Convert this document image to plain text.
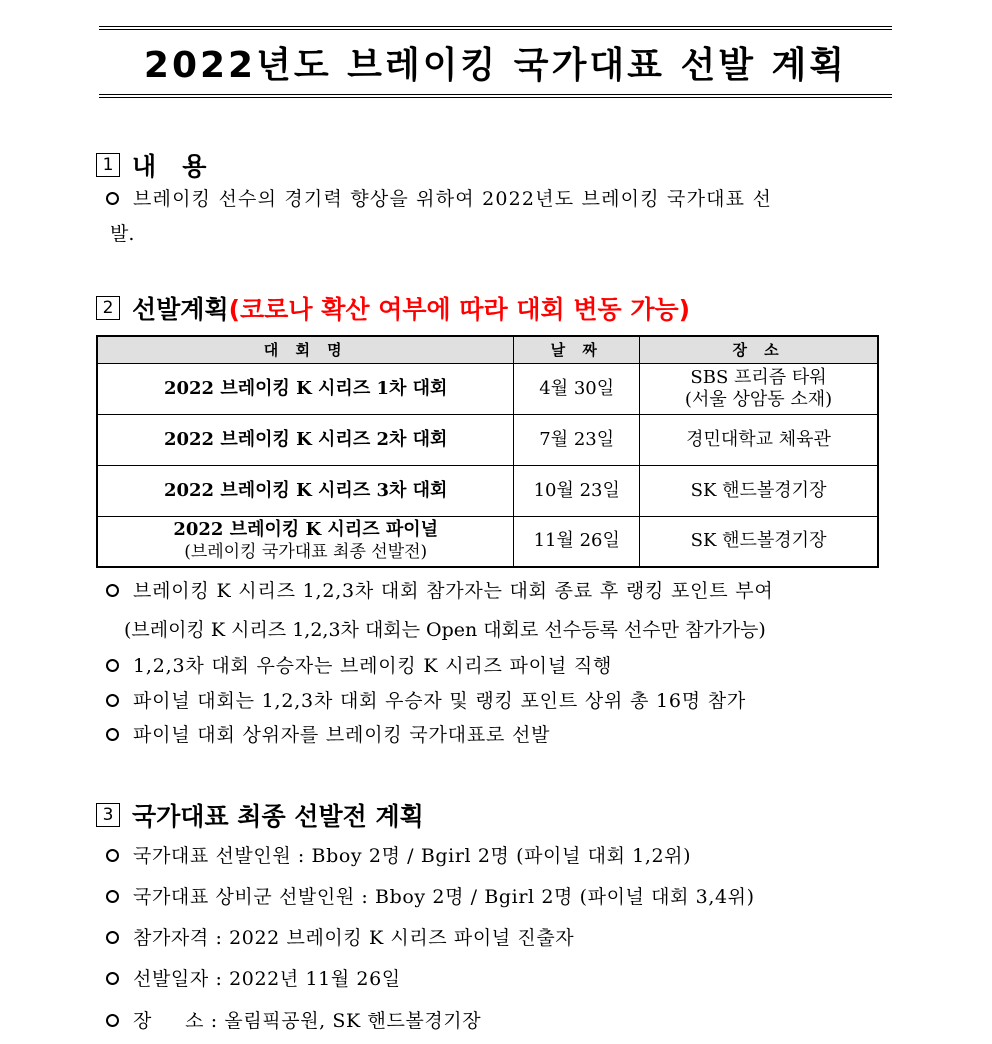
2022년도 브레이킹 국가대표 선발 계획
1 내   용
브레이킹 선수의 경기력 향상을 위하여 2022년도 브레이킹 국가대표 선
발.
2 선발계획 (코로나 확산 여부에 따라 대회 변동 가능)
대 회 명	날 짜	장 소
2022 브레이킹 K 시리즈 1차 대회	4월 30일	SBS 프리즘 타워
(서울 상암동 소재)

2022 브레이킹 K 시리즈 2차 대회	7월 23일	경민대학교 체육관
2022 브레이킹 K 시리즈 3차 대회	10월 23일	SK 핸드볼경기장

2022 브레이킹 K 시리즈 파이널
(브레이킹 국가대표 최종 선발전)	11월 26일	SK 핸드볼경기장
브레이킹 K 시리즈 1,2,3차 대회 참가자는 대회 종료 후 랭킹 포인트 부여
(브레이킹 K 시리즈 1,2,3차 대회는 Open 대회로 선수등록 선수만 참가가능)
1,2,3차 대회 우승자는 브레이킹 K 시리즈 파이널 직행
파이널 대회는 1,2,3차 대회 우승자 및 랭킹 포인트 상위 총 16명 참가
파이널 대회 상위자를 브레이킹 국가대표로 선발
3 국가대표 최종 선발전 계획
국가대표 선발인원 : Bboy 2명 / Bgirl 2명 (파이널 대회 1,2위)
국가대표 상비군 선발인원 : Bboy 2명 / Bgirl 2명 (파이널 대회 3,4위)
참가자격 : 2022 브레이킹 K 시리즈 파이널 진출자
선발일자 : 2022년 11월 26일
장     소 : 올림픽공원, SK 핸드볼경기장
